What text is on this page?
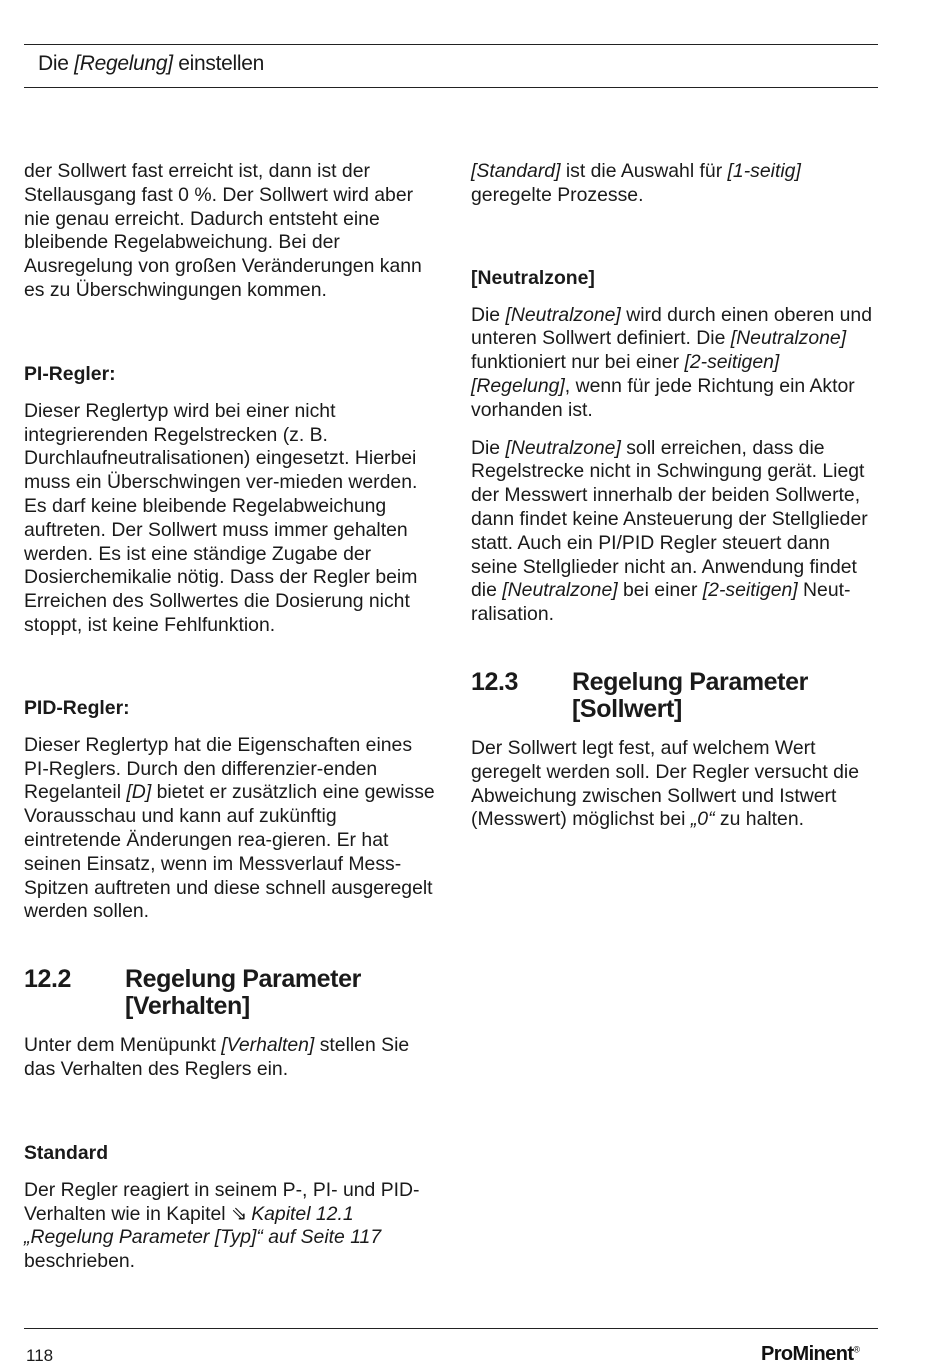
Die [Regelung] einstellen

der Sollwert fast erreicht ist, dann ist der Stellausgang fast 0 %. Der Sollwert wird aber nie genau erreicht. Dadurch entsteht eine bleibende Regelabweichung. Bei der Ausregelung von großen Veränderungen kann es zu Überschwingungen kommen.

PI-Regler:

Dieser Reglertyp wird bei einer nicht integrierenden Regelstrecken (z. B. Durchlaufneutralisationen) eingesetzt. Hierbei muss ein Überschwingen ver-mieden werden. Es darf keine bleibende Regelabweichung auftreten. Der Sollwert muss immer gehalten werden. Es ist eine ständige Zugabe der Dosierchemikalie nötig. Dass der Regler beim Erreichen des Sollwertes die Dosierung nicht stoppt, ist keine Fehlfunktion.

PID-Regler:

Dieser Reglertyp hat die Eigenschaften eines PI-Reglers. Durch den differenzier-enden Regelanteil [D] bietet er zusätzlich eine gewisse Vorausschau und kann auf zukünftig eintretende Änderungen rea-gieren. Er hat seinen Einsatz, wenn im Messverlauf Mess-Spitzen auftreten und diese schnell ausgeregelt werden sollen.

12.2	Regelung Parameter [Verhalten]

Unter dem Menüpunkt [Verhalten] stellen Sie das Verhalten des Reglers ein.

Standard

Der Regler reagiert in seinem P-, PI- und PID-Verhalten wie in Kapitel ⇘ Kapitel 12.1 „Regelung Parameter [Typ]“ auf Seite 117 beschrieben.

[Standard] ist die Auswahl für [1-seitig] geregelte Prozesse.

[Neutralzone]

Die [Neutralzone] wird durch einen oberen und unteren Sollwert definiert. Die [Neutralzone] funktioniert nur bei einer [2-seitigen] [Regelung], wenn für jede Richtung ein Aktor vorhanden ist.

Die [Neutralzone] soll erreichen, dass die Regelstrecke nicht in Schwingung gerät. Liegt der Messwert innerhalb der beiden Sollwerte, dann findet keine Ansteuerung der Stellglieder statt. Auch ein PI/PID Regler steuert dann seine Stellglieder nicht an. Anwendung findet die [Neutralzone] bei einer [2-seitigen] Neut-ralisation.

12.3	Regelung Parameter [Sollwert]

Der Sollwert legt fest, auf welchem Wert geregelt werden soll. Der Regler versucht die Abweichung zwischen Sollwert und Istwert (Messwert) möglichst bei „0“ zu halten.

118	ProMinent®
